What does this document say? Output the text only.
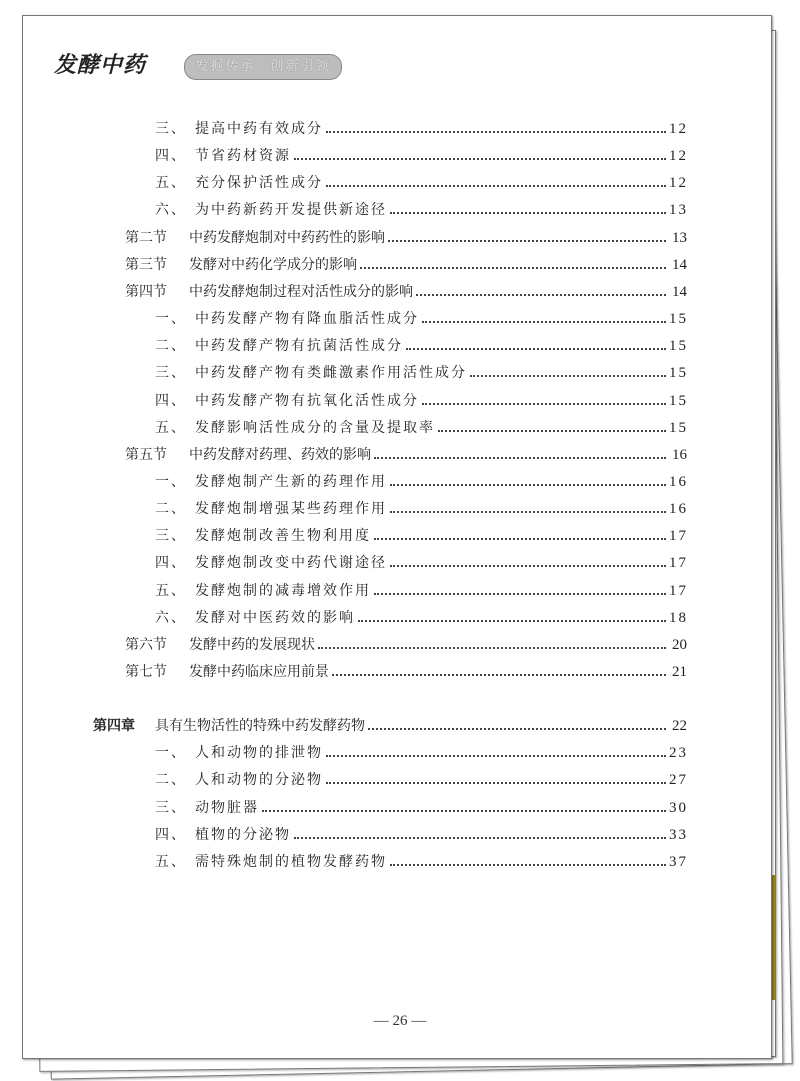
发酵中药	发掘传承　创新引领
三、 提高中药有效成分	12
四、 节省药材资源	12
五、 充分保护活性成分	12
六、 为中药新药开发提供新途径	13
第二节	中药发酵炮制对中药药性的影响	13
第三节	发酵对中药化学成分的影响	14
第四节	中药发酵炮制过程对活性成分的影响	14
一、 中药发酵产物有降血脂活性成分	15
二、 中药发酵产物有抗菌活性成分	15
三、 中药发酵产物有类雌激素作用活性成分	15
四、 中药发酵产物有抗氧化活性成分	15
五、 发酵影响活性成分的含量及提取率	15
第五节	中药发酵对药理、药效的影响	16
一、 发酵炮制产生新的药理作用	16
二、 发酵炮制增强某些药理作用	16
三、 发酵炮制改善生物利用度	17
四、 发酵炮制改变中药代谢途径	17
五、 发酵炮制的减毒增效作用	17
六、 发酵对中医药效的影响	18
第六节	发酵中药的发展现状	20
第七节	发酵中药临床应用前景	21
第四章	具有生物活性的特殊中药发酵药物	22
一、 人和动物的排泄物	23
二、 人和动物的分泌物	27
三、 动物脏器	30
四、 植物的分泌物	33
五、 需特殊炮制的植物发酵药物	37
— 26 —
